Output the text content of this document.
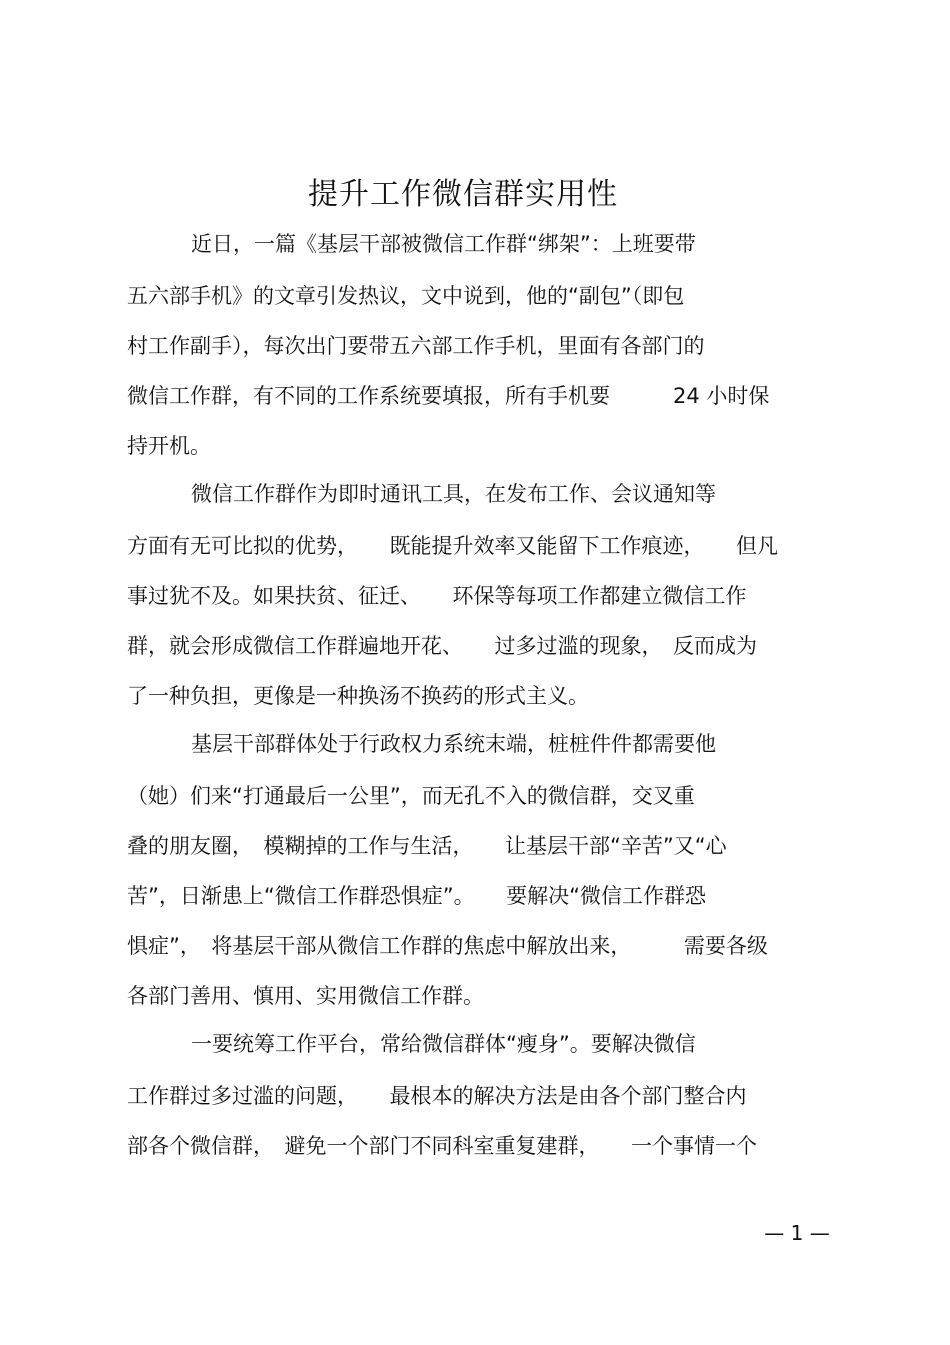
提升工作微信群实用性
近日，一篇《基层干部被微信工作群“绑架”：上班要带
五六部手机》的文章引发热议，文中说到，他的“副包”（即包
村工作副手），每次出门要带五六部工作手机，里面有各部门的
微信工作群，有不同的工作系统要填报，所有手机要　　　24 小时保
持开机。
微信工作群作为即时通讯工具，在发布工作、会议通知等
方面有无可比拟的优势，　　既能提升效率又能留下工作痕迹，　　但凡
事过犹不及。如果扶贫、征迁、　　环保等每项工作都建立微信工作
群，就会形成微信工作群遍地开花、　　过多过滥的现象，　反而成为
了一种负担，更像是一种换汤不换药的形式主义。
基层干部群体处于行政权力系统末端，桩桩件件都需要他
（她）们来“打通最后一公里”，而无孔不入的微信群，交叉重
叠的朋友圈，　模糊掉的工作与生活，　　让基层干部“辛苦”又“心
苦”，日渐患上“微信工作群恐惧症”。　　要解决“微信工作群恐
惧症”，　将基层干部从微信工作群的焦虑中解放出来，　　　需要各级
各部门善用、慎用、实用微信工作群。
一要统筹工作平台，常给微信群体“瘦身”。要解决微信
工作群过多过滥的问题，　　最根本的解决方法是由各个部门整合内
部各个微信群，　避免一个部门不同科室重复建群，　　一个事情一个
— 1 —
